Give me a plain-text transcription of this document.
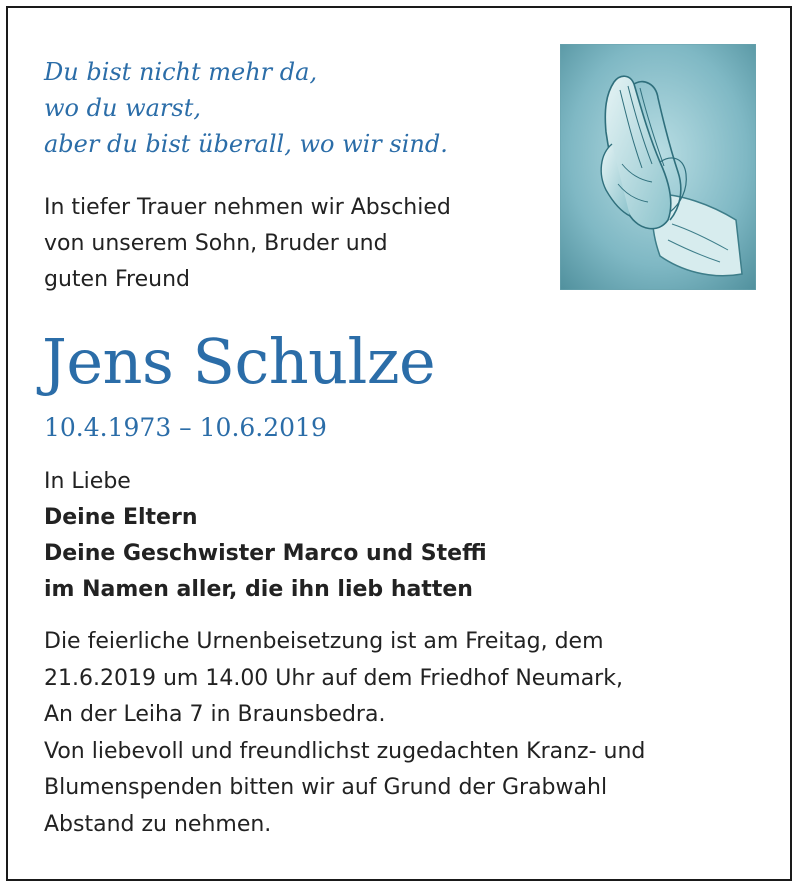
Du bist nicht mehr da,
wo du warst,
aber du bist überall, wo wir sind.
In tiefer Trauer nehmen wir Abschied
von unserem Sohn, Bruder und
guten Freund
Jens Schulze
10.4.1973 – 10.6.2019
In Liebe
Deine Eltern
Deine Geschwister Marco und Steffi
im Namen aller, die ihn lieb hatten
Die feierliche Urnenbeisetzung ist am Freitag, dem
21.6.2019 um 14.00 Uhr auf dem Friedhof Neumark,
An der Leiha 7 in Braunsbedra.
Von liebevoll und freundlichst zugedachten Kranz- und
Blumenspenden bitten wir auf Grund der Grabwahl
Abstand zu nehmen.
